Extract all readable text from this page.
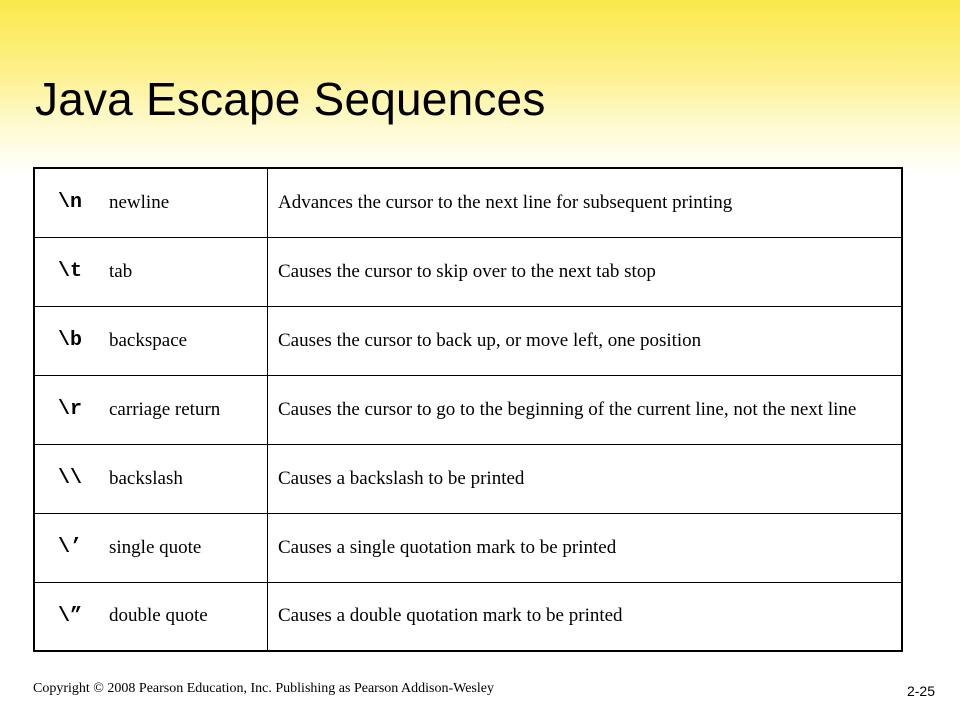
Java Escape Sequences
\n	newline	Advances the cursor to the next line for subsequent printing
\t	tab	Causes the cursor to skip over to the next tab stop
\b	backspace	Causes the cursor to back up, or move left, one position
\r	carriage return	Causes the cursor to go to the beginning of the current line, not the next line
\\	backslash	Causes a backslash to be printed
\’	single quote	Causes a single quotation mark to be printed
\”	double quote	Causes a double quotation mark to be printed
Copyright © 2008 Pearson Education, Inc. Publishing as Pearson Addison-Wesley	2-25
